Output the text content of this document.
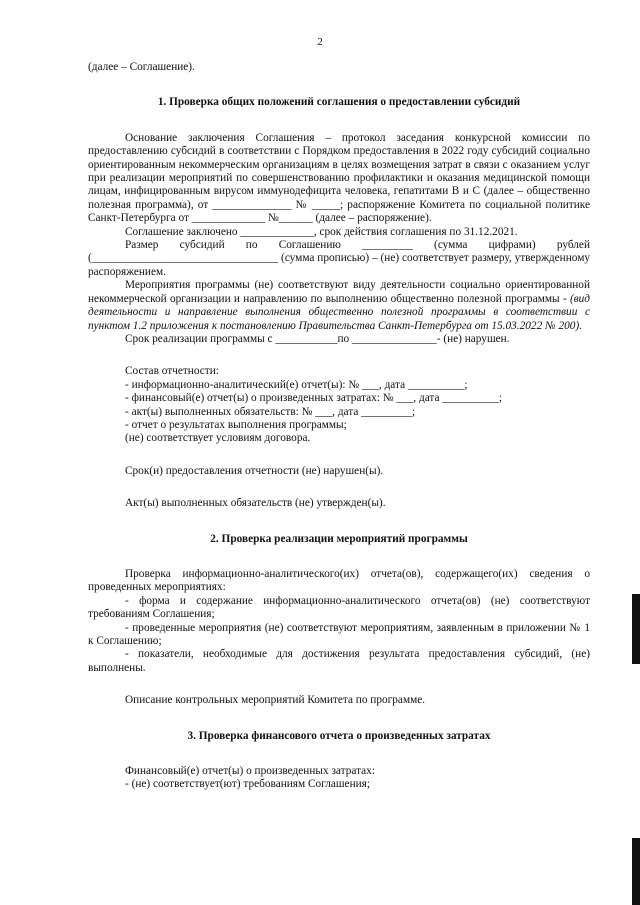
2

(далее – Соглашение).

1. Проверка общих положений соглашения о предоставлении субсидий

Основание заключения Соглашения – протокол заседания конкурсной комиссии по предоставлению субсидий в соответствии с Порядком предоставления в 2022 году субсидий социально ориентированным некоммерческим организациям в целях возмещения затрат в связи с оказанием услуг при реализации мероприятий по совершенствованию профилактики и оказания медицинской помощи лицам, инфицированным вирусом иммунодефицита человека, гепатитами В и С (далее – общественно полезная программа), от ______________ № _____; распоряжение Комитета по социальной политике Санкт-Петербурга от _____________ №______ (далее – распоряжение).

Соглашение заключено _____________, срок действия соглашения по 31.12.2021.

Размер субсидий по Соглашению _________ (сумма цифрами) рублей (_________________________________ (сумма прописью) – (не) соответствует размеру, утвержденному распоряжением.

Мероприятия программы (не) соответствуют виду деятельности социально ориентированной некоммерческой организации и направлению по выполнению общественно полезной программы - (вид деятельности и направление выполнения общественно полезной программы в соответствии с пунктом 1.2 приложения к постановлению Правительства Санкт-Петербурга от 15.03.2022 № 200).

Срок реализации программы с ___________по _______________- (не) нарушен.

Состав отчетности:

- информационно-аналитический(е) отчет(ы): № ___, дата __________;

- финансовый(е) отчет(ы) о произведенных затратах: № ___, дата __________;

- акт(ы) выполненных обязательств: № ___, дата _________;

- отчет о результатах выполнения программы;

(не) соответствует условиям договора.

Срок(и) предоставления отчетности (не) нарушен(ы).

Акт(ы) выполненных обязательств (не) утвержден(ы).

2. Проверка реализации мероприятий программы

Проверка информационно-аналитического(их) отчета(ов), содержащего(их) сведения о проведенных мероприятиях:

- форма и содержание информационно-аналитического отчета(ов) (не) соответствуют требованиям Соглашения;

- проведенные мероприятия (не) соответствуют мероприятиям, заявленным в приложении № 1 к Соглашению;

- показатели, необходимые для достижения результата предоставления субсидий, (не) выполнены.

Описание контрольных мероприятий Комитета по программе.

3. Проверка финансового отчета о произведенных затратах

Финансовый(е) отчет(ы) о произведенных затратах:

- (не) соответствует(ют) требованиям Соглашения;
